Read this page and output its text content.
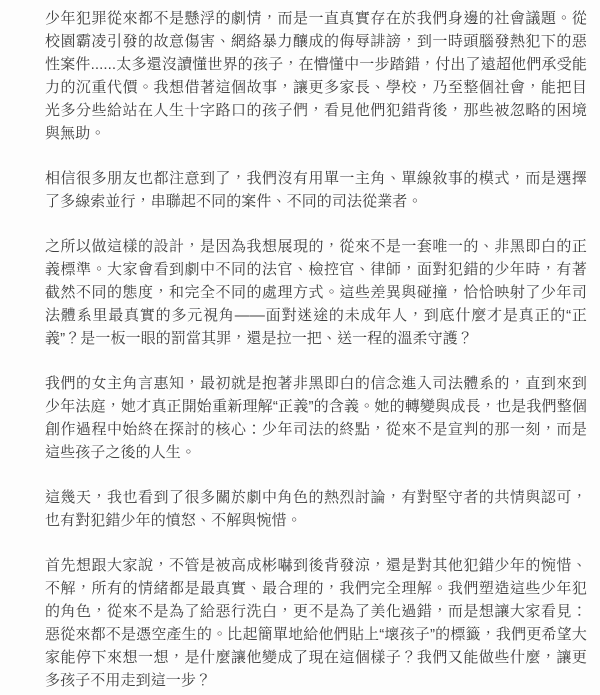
少年犯罪從來都不是懸浮的劇情，而是一直真實存在於我們身邊的社會議題。從校園霸凌引發的故意傷害、網絡暴力釀成的侮辱誹謗，到一時頭腦發熱犯下的惡性案件......太多還沒讀懂世界的孩子，在懵懂中一步踏錯，付出了遠超他們承受能力的沉重代價。我想借著這個故事，讓更多家長、學校，乃至整個社會，能把目光多分些給站在人生十字路口的孩子們，看見他們犯錯背後，那些被忽略的困境與無助。

相信很多朋友也都注意到了，我們沒有用單一主角、單線敘事的模式，而是選擇了多線索並行，串聯起不同的案件、不同的司法從業者。

之所以做這樣的設計，是因為我想展現的，從來不是一套唯一的、非黑即白的正義標準。大家會看到劇中不同的法官、檢控官、律師，面對犯錯的少年時，有著截然不同的態度，和完全不同的處理方式。這些差異與碰撞，恰恰映射了少年司法體系里最真實的多元視角——面對迷途的未成年人，到底什麼才是真正的“正義”？是一板一眼的罰當其罪，還是拉一把、送一程的溫柔守護？

我們的女主角言惠知，最初就是抱著非黑即白的信念進入司法體系的，直到來到少年法庭，她才真正開始重新理解“正義”的含義。她的轉變與成長，也是我們整個創作過程中始終在探討的核心：少年司法的終點，從來不是宣判的那一刻，而是這些孩子之後的人生。

這幾天，我也看到了很多關於劇中角色的熱烈討論，有對堅守者的共情與認可，也有對犯錯少年的憤怒、不解與惋惜。

首先想跟大家說，不管是被高成彬嚇到後背發涼，還是對其他犯錯少年的惋惜、不解，所有的情緒都是最真實、最合理的，我們完全理解。我們塑造這些少年犯的角色，從來不是為了給惡行洗白，更不是為了美化過錯，而是想讓大家看見：惡從來都不是憑空產生的。比起簡單地給他們貼上“壞孩子”的標籤，我們更希望大家能停下來想一想，是什麼讓他變成了現在這個樣子？我們又能做些什麼，讓更多孩子不用走到這一步？
